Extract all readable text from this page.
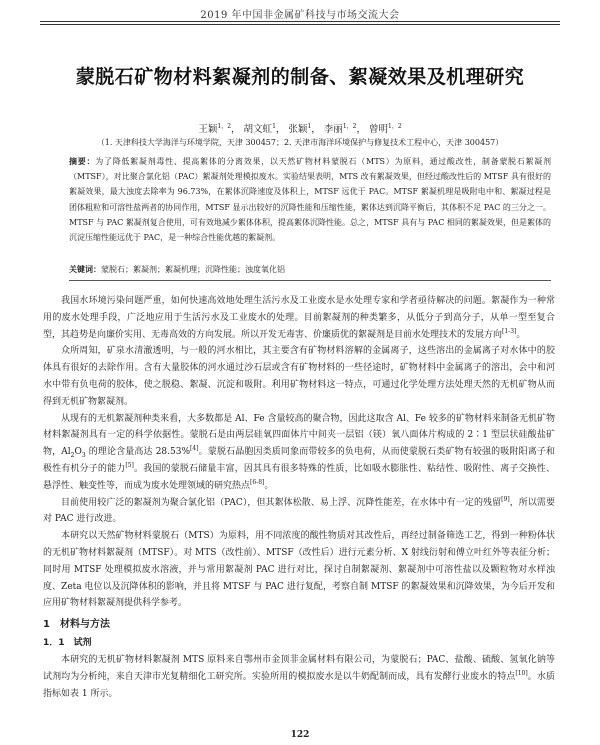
2019 年中国非金属矿科技与市场交流大会
蒙脱石矿物材料絮凝剂的制备、絮凝效果及机理研究
王颖$^{1,2}$， 胡文虹$^1$， 张颖$^1$， 李丽$^{1,2}$， 曾明$^{1,2}$
（1. 天津科技大学海洋与环境学院，天津 300457；2. 天津市海洋环境保护与修复技术工程中心，天津 300457）
摘要：为了降低絮凝剂毒性、提高絮体的分离效果，以天然矿物材料蒙脱石（MTS）为原料，通过酸改性，制备蒙脱石絮凝剂（MTSF），对比聚合氯化铝（PAC）絮凝剂处理模拟废水。实验结果表明，MTS 改有絮凝效果，但经过酸改性后的 MTSF 具有很好的絮凝效果，最大浊度去除率为 96.73%，在絮体沉降速度及体积上，MTSF 远优于 PAC。MTSF 絮凝机理是吸附电中和、絮凝过程是团体粗粒和可溶性盐两者的协同作用，MTSF 显示出较好的沉降性能和压缩性能，絮体达到沉降平衡后，其体积不足 PAC 的三分之一。MTSF 与 PAC 絮凝剂复合使用，可有效地减少絮体体积，提高絮体沉降性能。总之，MTSF 具有与 PAC 相同的絮凝效果，但是絮体的沉淀压缩性能远优于 PAC，是一种综合性能优越的絮凝剂。
关键词：蒙脱石；絮凝剂；絮凝机理；沉降性能；浊度氧化铝

我国水环境污染问题严重，如何快速高效地处理生活污水及工业废水是水处理专家和学者亟待解决的问题。絮凝作为一种常用的废水处理手段，广泛地应用于生活污水及工业废水的处理。目前絮凝剂的种类繁多，从低分子到高分子，从单一型至复合型，其趋势是向廉价实用、无毒高效的方向发展。所以开发无毒害、价廉质优的絮凝剂是目前水处理技术的发展方向[1-3]。

众所周知，矿泉水清澈透明，与一般的河水相比，其主要含有矿物材料溶解的金属离子，这些溶出的金属离子对水体中的胶体具有很好的去除作用。含有大量胶体的河水通过沙石层或含有矿物材料的一些径途时，矿物材料中金属离子的溶出，会中和河水中带有负电荷的胶体，使之脱稳、絮凝、沉淀和吸附。利用矿物材料这一特点，可通过化学处理方法处理天然的无机矿物从而得到无机矿物絮凝剂。

从现有的无机絮凝剂种类来看，大多数都是 Al、Fe 含量较高的聚合物，因此这取含 Al、Fe 较多的矿物材料来制备无机矿物材料絮凝剂具有一定的科学依据性。蒙脱石是由两层硅氧四面体片中间夹一层铝（镁）氧八面体片构成的 2∶1 型层状硅酸盐矿物，$Al_2O_3$ 的理论含量高达 28.53%[4]。蒙脱石晶胞因类质同象而带较多的负电荷，从而使蒙脱石类矿物有较强的吸附阳离子和极性有机分子的能力[5]。我国的蒙脱石储量丰富，因其具有很多特殊的性质，比如吸水膨胀性、粘结性、吸附性、离子交换性、悬浮性、触变性等，而成为废水处理领域的研究热点[6-8]。

目前使用较广泛的絮凝剂为聚合氯化铝（PAC），但其絮体松散、易上浮、沉降性能差，在水体中有一定的残留[9]，所以需要对 PAC 进行改进。

本研究以天然矿物材料蒙脱石（MTS）为原料，用不同浓度的酸性物质对其改性后，再经过制备筛选工艺，得到一种粉体状的无机矿物材料絮凝剂（MTSF）。对 MTS（改性前）、MTSF（改性后）进行元素分析、X 射线衍射和傅立叶红外等表征分析；同时用 MTSF 处理模拟废水溶液，并与常用絮凝剂 PAC 进行对比，探讨自制絮凝剂、絮凝剂中可溶性盐以及颗粒物对水样浊度、Zeta 电位以及沉降体积的影响，并且将 MTSF 与 PAC 进行复配，考察自制 MTSF 的絮凝效果和沉降效果，为今后开发和应用矿物材料絮凝剂提供科学参考。

1　材料与方法
1．1　试剂

本研究的无机矿物材料絮凝剂 MTS 原料来自鄂州市金顶非金属材料有限公司，为蒙脱石；PAC、盐酸、硫酸、氢氧化钠等试剂均为分析纯，来自天津市光复精细化工研究所。实验所用的模拟废水是以牛奶配制而成，具有发酵行业废水的特点[10]。水质指标如表 1 所示。

122
